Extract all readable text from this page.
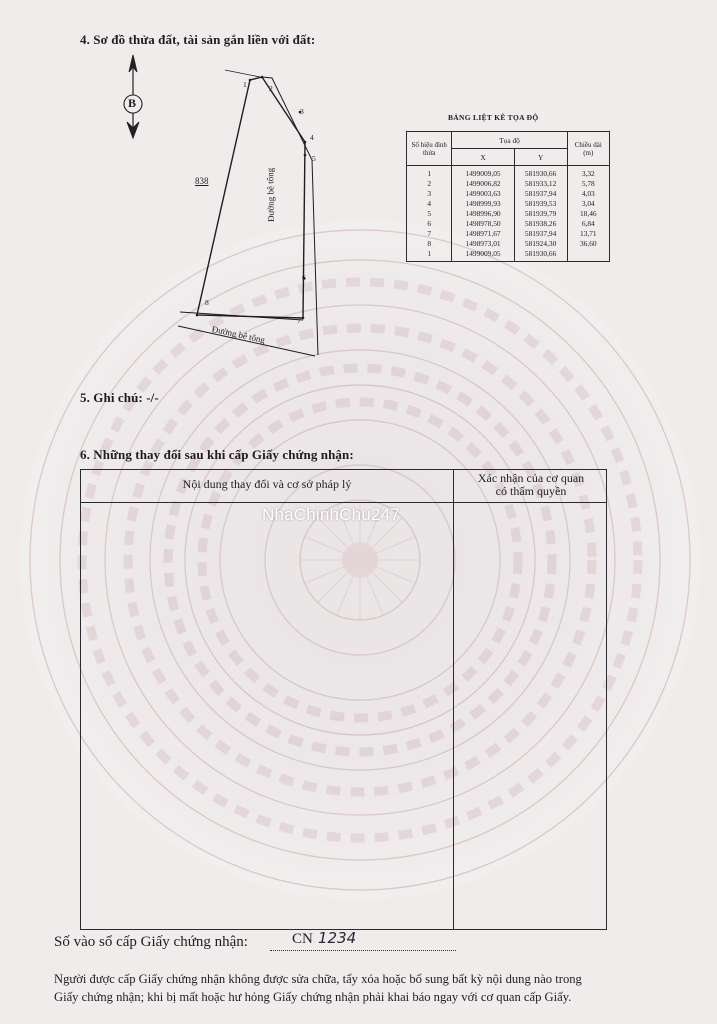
4. Sơ đồ thửa đất, tài sản gắn liền với đất:
B
1	2
3
4
5
6
7
8
838	Đường bê tông
Đường bê tông
BẢNG LIỆT KÊ TỌA ĐỘ
Số hiệu đỉnh thửa	Tọa độ		Chiều dài (m)
	X	Y	
1	1499009,05	581930,66	3,32
2	1499006,82	581933,12	5,78
3	1499003,63	581937,94	4,03
4	1498999,93	581939,53	3,04
5	1498996,90	581939,79	18,46
6	1498978,50	581938,26	6,84
7	1498971,67	581937,94	13,71
8	1498973,01	581924,30	36,60
1	1499009,05	581930,66	
5. Ghi chú: -/-
6. Những thay đổi sau khi cấp Giấy chứng nhận:
Nội dung thay đổi và cơ sở pháp lý	Xác nhận của cơ quan
có thẩm quyền
NhaChinhChu247
Số vào sổ cấp Giấy chứng nhận:	CN 1234
Người được cấp Giấy chứng nhận không được sửa chữa, tẩy xóa hoặc bổ sung bất kỳ nội dung nào trong
Giấy chứng nhận; khi bị mất hoặc hư hỏng Giấy chứng nhận phải khai báo ngay với cơ quan cấp Giấy.
